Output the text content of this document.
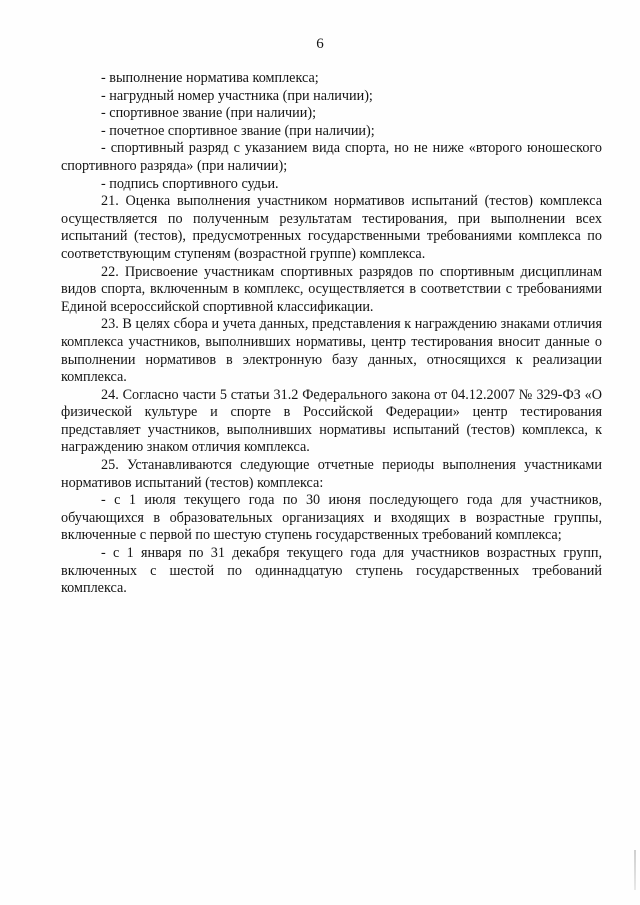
6

- выполнение норматива комплекса;

- нагрудный номер участника (при наличии);

- спортивное звание (при наличии);

- почетное спортивное звание (при наличии);

- спортивный разряд с указанием вида спорта, но не ниже «второго юношеского спортивного разряда» (при наличии);

- подпись спортивного судьи.

21. Оценка выполнения участником нормативов испытаний (тестов) комплекса осуществляется по полученным результатам тестирования, при выполнении всех испытаний (тестов), предусмотренных государственными требованиями комплекса по соответствующим ступеням (возрастной группе) комплекса.

22. Присвоение участникам спортивных разрядов по спортивным дисциплинам видов спорта, включенным в комплекс, осуществляется в соответствии с требованиями Единой всероссийской спортивной классификации.

23. В целях сбора и учета данных, представления к награждению знаками отличия комплекса участников, выполнивших нормативы, центр тестирования вносит данные о выполнении нормативов в электронную базу данных, относящихся к реализации комплекса.

24. Согласно части 5 статьи 31.2 Федерального закона от 04.12.2007 № 329-ФЗ «О физической культуре и спорте в Российской Федерации» центр тестирования представляет участников, выполнивших нормативы испытаний (тестов) комплекса, к награждению знаком отличия комплекса.

25. Устанавливаются следующие отчетные периоды выполнения участниками нормативов испытаний (тестов) комплекса:

- с 1 июля текущего года по 30 июня последующего года для участников, обучающихся в образовательных организациях и входящих в возрастные группы, включенные с первой по шестую ступень государственных требований комплекса;

- с 1 января по 31 декабря текущего года для участников возрастных групп, включенных с шестой по одиннадцатую ступень государственных требований комплекса.
